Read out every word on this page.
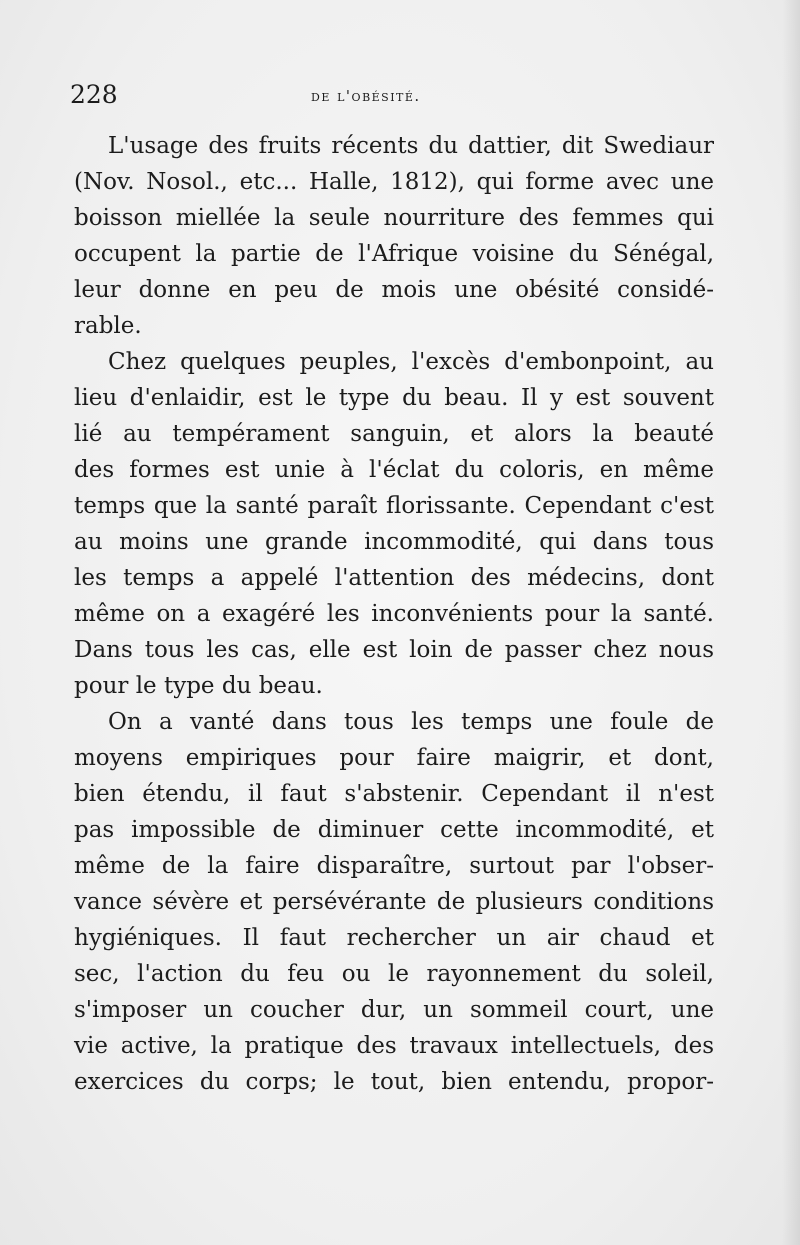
228	de l'obésité.
L'usage des fruits récents du dattier, dit Swediaur
(Nov. Nosol., etc... Halle, 1812), qui forme avec une
boisson miellée la seule nourriture des femmes qui
occupent la partie de l'Afrique voisine du Sénégal,
leur donne en peu de mois une obésité considé-
rable.
Chez quelques peuples, l'excès d'embonpoint, au
lieu d'enlaidir, est le type du beau. Il y est souvent
lié au tempérament sanguin, et alors la beauté
des formes est unie à l'éclat du coloris, en même
temps que la santé paraît florissante. Cependant c'est
au moins une grande incommodité, qui dans tous
les temps a appelé l'attention des médecins, dont
même on a exagéré les inconvénients pour la santé.
Dans tous les cas, elle est loin de passer chez nous
pour le type du beau.
On a vanté dans tous les temps une foule de
moyens empiriques pour faire maigrir, et dont,
bien étendu, il faut s'abstenir. Cependant il n'est
pas impossible de diminuer cette incommodité, et
même de la faire disparaître, surtout par l'obser-
vance sévère et persévérante de plusieurs conditions
hygiéniques. Il faut rechercher un air chaud et
sec, l'action du feu ou le rayonnement du soleil,
s'imposer un coucher dur, un sommeil court, une
vie active, la pratique des travaux intellectuels, des
exercices du corps; le tout, bien entendu, propor-
